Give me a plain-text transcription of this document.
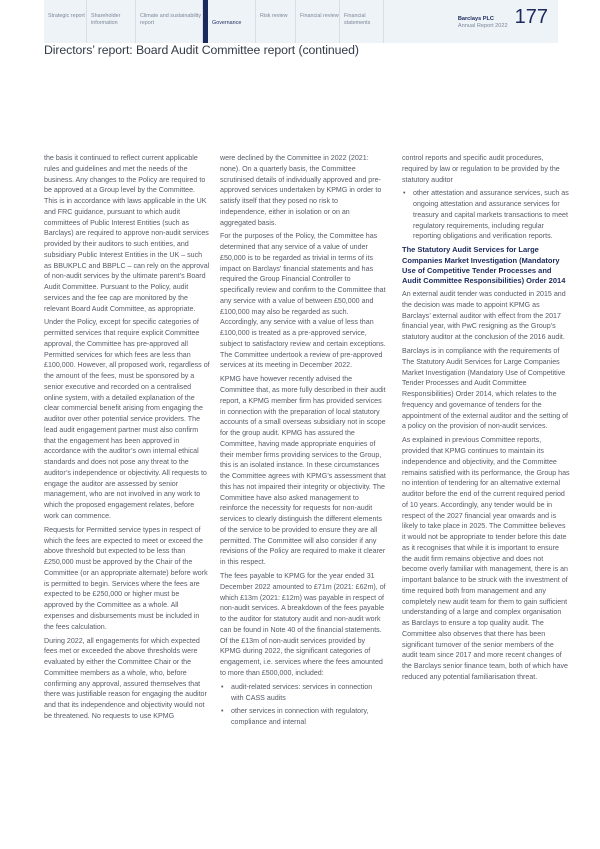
Strategic report	Shareholder information
Climate and sustainability report	Governance
Risk review	Financial review Financial statements
Barclays PLC
Annual Report 2022 177
Directors’ report: Board Audit Committee report (continued)

the basis it continued to reflect current applicable rules and guidelines and met the needs of the business. Any changes to the Policy are required to be approved at a Group level by the Committee. This is in accordance with laws applicable in the UK and FRC guidance, pursuant to which audit committees of Public Interest Entities (such as Barclays) are required to approve non-audit services provided by their auditors to such entities, and subsidiary Public Interest Entities in the UK – such as BBUKPLC and BBPLC – can rely on the approval of non-audit services by the ultimate parent’s Board Audit Committee. Pursuant to the Policy, audit services and the fee cap are monitored by the relevant Board Audit Committee, as appropriate.

Under the Policy, except for specific categories of permitted services that require explicit Committee approval, the Committee has pre-approved all Permitted services for which fees are less than £100,000. However, all proposed work, regardless of the amount of the fees, must be sponsored by a senior executive and recorded on a centralised online system, with a detailed explanation of the clear commercial benefit arising from engaging the auditor over other potential service providers. The lead audit engagement partner must also confirm that the engagement has been approved in accordance with the auditor’s own internal ethical standards and does not pose any threat to the auditor’s independence or objectivity. All requests to engage the auditor are assessed by senior management, who are not involved in any work to which the proposed engagement relates, before work can commence.

Requests for Permitted service types in respect of which the fees are expected to meet or exceed the above threshold but expected to be less than £250,000 must be approved by the Chair of the Committee (or an appropriate alternate) before work is permitted to begin. Services where the fees are expected to be £250,000 or higher must be approved by the Committee as a whole. All expenses and disbursements must be included in the fees calculation.

During 2022, all engagements for which expected fees met or exceeded the above thresholds were evaluated by either the Committee Chair or the Committee members as a whole, who, before confirming any approval, assured themselves that there was justifiable reason for engaging the auditor and that its independence and objectivity would not be threatened. No requests to use KPMG

were declined by the Committee in 2022 (2021: none). On a quarterly basis, the Committee scrutinised details of individually approved and pre-approved services undertaken by KPMG in order to satisfy itself that they posed no risk to independence, either in isolation or on an aggregated basis.

For the purposes of the Policy, the Committee has determined that any service of a value of under £50,000 is to be regarded as trivial in terms of its impact on Barclays’ financial statements and has required the Group Financial Controller to specifically review and confirm to the Committee that any service with a value of between £50,000 and £100,000 may also be regarded as such. Accordingly, any service with a value of less than £100,000 is treated as a pre-approved service, subject to satisfactory review and certain exceptions. The Committee undertook a review of pre-approved services at its meeting in December 2022.

KPMG have however recently advised the Committee that, as more fully described in their audit report, a KPMG member firm has provided services in connection with the preparation of local statutory accounts of a small overseas subsidiary not in scope for the group audit. KPMG has assured the Committee, having made appropriate enquiries of their member firms providing services to the Group, this is an isolated instance. In these circumstances the Committee agrees with KPMG’s assessment that this has not impaired their integrity or objectivity. The Committee have also asked management to reinforce the necessity for requests for non-audit services to clearly distinguish the different elements of the service to be provided to ensure they are all permitted. The Committee will also consider if any revisions of the Policy are required to make it clearer in this respect.

The fees payable to KPMG for the year ended 31 December 2022 amounted to £71m (2021: £62m), of which £13m (2021: £12m) was payable in respect of non-audit services. A breakdown of the fees payable to the auditor for statutory audit and non-audit work can be found in Note 40 of the financial statements. Of the £13m of non-audit services provided by KPMG during 2022, the significant categories of engagement, i.e. services where the fees amounted to more than £500,000, included:

• audit-related services: services in connection with CASS audits
• other services in connection with regulatory, compliance and internal

control reports and specific audit procedures, required by law or regulation to be provided by the statutory auditor

• other attestation and assurance services, such as ongoing attestation and assurance services for treasury and capital markets transactions to meet regulatory requirements, including regular reporting obligations and verification reports.
The Statutory Audit Services for Large Companies Market Investigation (Mandatory Use of Competitive Tender Processes and Audit Committee Responsibilities) Order 2014

An external audit tender was conducted in 2015 and the decision was made to appoint KPMG as Barclays’ external auditor with effect from the 2017 financial year, with PwC resigning as the Group’s statutory auditor at the conclusion of the 2016 audit.

Barclays is in compliance with the requirements of The Statutory Audit Services for Large Companies Market Investigation (Mandatory Use of Competitive Tender Processes and Audit Committee Responsibilities) Order 2014, which relates to the frequency and governance of tenders for the appointment of the external auditor and the setting of a policy on the provision of non-audit services.

As explained in previous Committee reports, provided that KPMG continues to maintain its independence and objectivity, and the Committee remains satisfied with its performance, the Group has no intention of tendering for an alternative external auditor before the end of the current required period of 10 years. Accordingly, any tender would be in respect of the 2027 financial year onwards and is likely to take place in 2025. The Committee believes it would not be appropriate to tender before this date as it recognises that while it is important to ensure the audit firm remains objective and does not become overly familiar with management, there is an important balance to be struck with the investment of time required both from management and any completely new audit team for them to gain sufficient understanding of a large and complex organisation as Barclays to ensure a top quality audit. The Committee also observes that there has been significant turnover of the senior members of the audit team since 2017 and more recent changes of the Barclays senior finance team, both of which have reduced any potential familiarisation threat.
